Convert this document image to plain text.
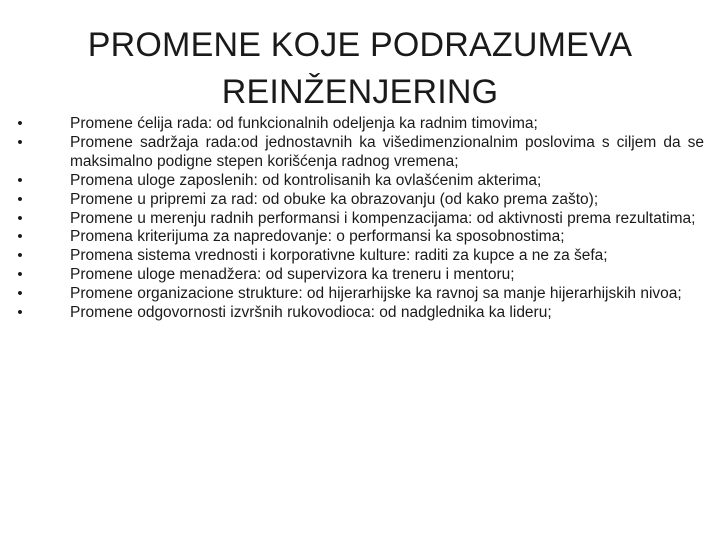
PROMENE KOJE PODRAZUMEVA REINŽENJERING
•	Promene ćelija rada: od funkcionalnih odeljenja ka radnim timovima;
•	Promene sadržaja rada:od jednostavnih ka višedimenzionalnim poslovima s ciljem da se maksimalno podigne stepen korišćenja radnog vremena;
•	Promena uloge zaposlenih: od kontrolisanih ka ovlašćenim akterima;
•	Promene u pripremi za rad: od obuke ka obrazovanju (od kako prema zašto);
•	Promene u merenju radnih performansi i kompenzacijama: od aktivnosti prema rezultatima;
•	Promena kriterijuma za napredovanje: o performansi ka sposobnostima;
•	Promena sistema vrednosti i korporativne kulture: raditi za kupce a ne za šefa;
•	Promene uloge menadžera: od supervizora ka treneru i mentoru;
•	Promene organizacione strukture: od hijerarhijske ka ravnoj sa manje hijerarhijskih nivoa;
•	Promene odgovornosti izvršnih rukovodioca: od nadglednika ka lideru;
